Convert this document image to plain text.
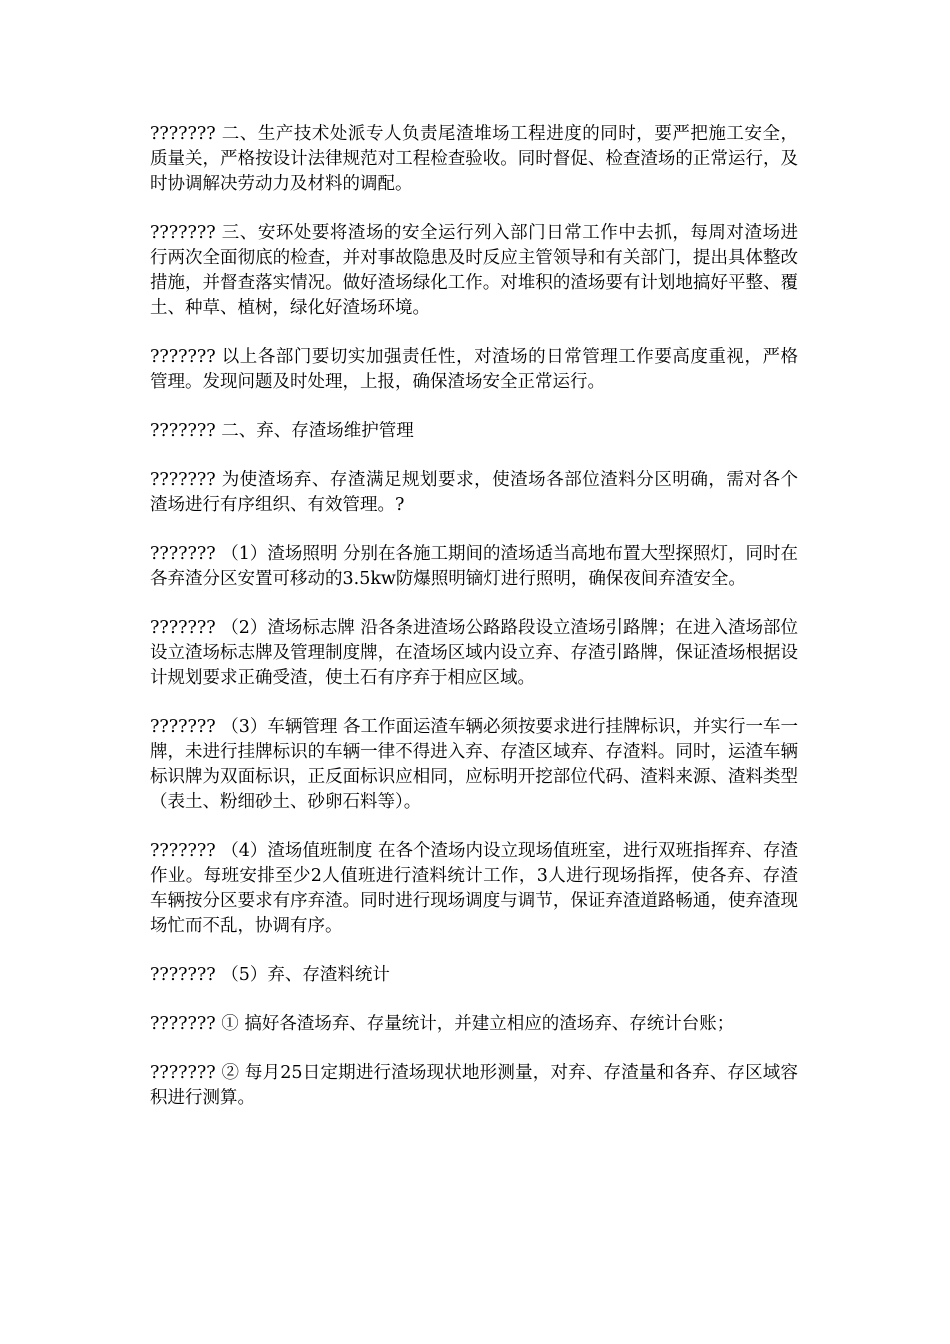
??????? 二、生产技术处派专人负责尾渣堆场工程进度的同时，要严把施工安全，质量关，严格按设计法律规范对工程检查验收。同时督促、检查渣场的正常运行，及时协调解决劳动力及材料的调配。

??????? 三、安环处要将渣场的安全运行列入部门日常工作中去抓，每周对渣场进行两次全面彻底的检查，并对事故隐患及时反应主管领导和有关部门，提出具体整改措施，并督查落实情况。做好渣场绿化工作。对堆积的渣场要有计划地搞好平整、覆土、种草、植树，绿化好渣场环境。

??????? 以上各部门要切实加强责任性，对渣场的日常管理工作要高度重视，严格管理。发现问题及时处理，上报，确保渣场安全正常运行。

??????? 二、弃、存渣场维护管理

??????? 为使渣场弃、存渣满足规划要求，使渣场各部位渣料分区明确，需对各个渣场进行有序组织、有效管理。?

??????? （1）渣场照明 分别在各施工期间的渣场适当高地布置大型探照灯，同时在各弃渣分区安置可移动的3.5kw防爆照明镝灯进行照明，确保夜间弃渣安全。

??????? （2）渣场标志牌 沿各条进渣场公路路段设立渣场引路牌；在进入渣场部位设立渣场标志牌及管理制度牌，在渣场区域内设立弃、存渣引路牌，保证渣场根据设计规划要求正确受渣，使土石有序弃于相应区域。

??????? （3）车辆管理 各工作面运渣车辆必须按要求进行挂牌标识，并实行一车一牌，未进行挂牌标识的车辆一律不得进入弃、存渣区域弃、存渣料。同时，运渣车辆标识牌为双面标识，正反面标识应相同，应标明开挖部位代码、渣料来源、渣料类型（表土、粉细砂土、砂卵石料等）。

??????? （4）渣场值班制度 在各个渣场内设立现场值班室，进行双班指挥弃、存渣作业。每班安排至少2人值班进行渣料统计工作，3人进行现场指挥，使各弃、存渣车辆按分区要求有序弃渣。同时进行现场调度与调节，保证弃渣道路畅通，使弃渣现场忙而不乱，协调有序。

??????? （5）弃、存渣料统计

??????? ① 搞好各渣场弃、存量统计，并建立相应的渣场弃、存统计台账；

??????? ② 每月25日定期进行渣场现状地形测量，对弃、存渣量和各弃、存区域容积进行测算。
